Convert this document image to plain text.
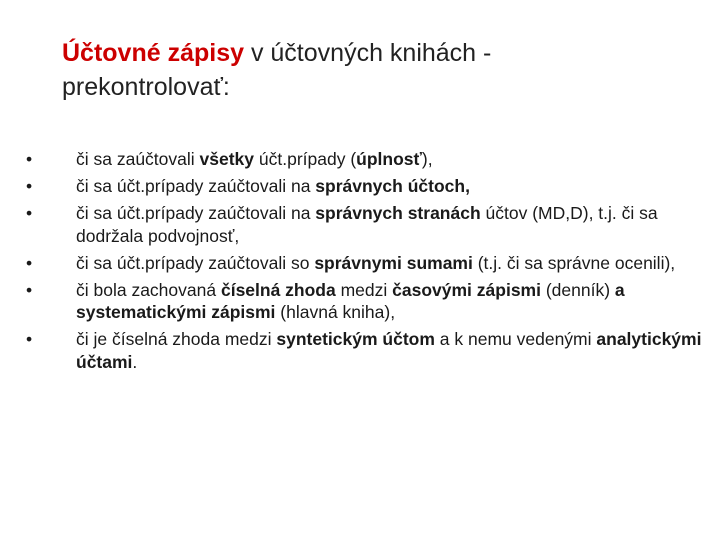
Účtovné zápisy v účtovných knihách - prekontrolovať:
•	či sa zaúčtovali všetky účt.prípady (úplnosť),
•	či sa účt.prípady zaúčtovali na správnych účtoch,
•	či sa účt.prípady zaúčtovali na správnych stranách účtov (MD,D), t.j. či sa dodržala podvojnosť,
•	či sa účt.prípady zaúčtovali so správnymi sumami (t.j. či sa správne ocenili),
•	či bola zachovaná číselná zhoda medzi časovými zápismi (denník) a systematickými zápismi (hlavná kniha),
•	či je číselná zhoda medzi syntetickým účtom a k nemu vedenými analytickými účtami.
